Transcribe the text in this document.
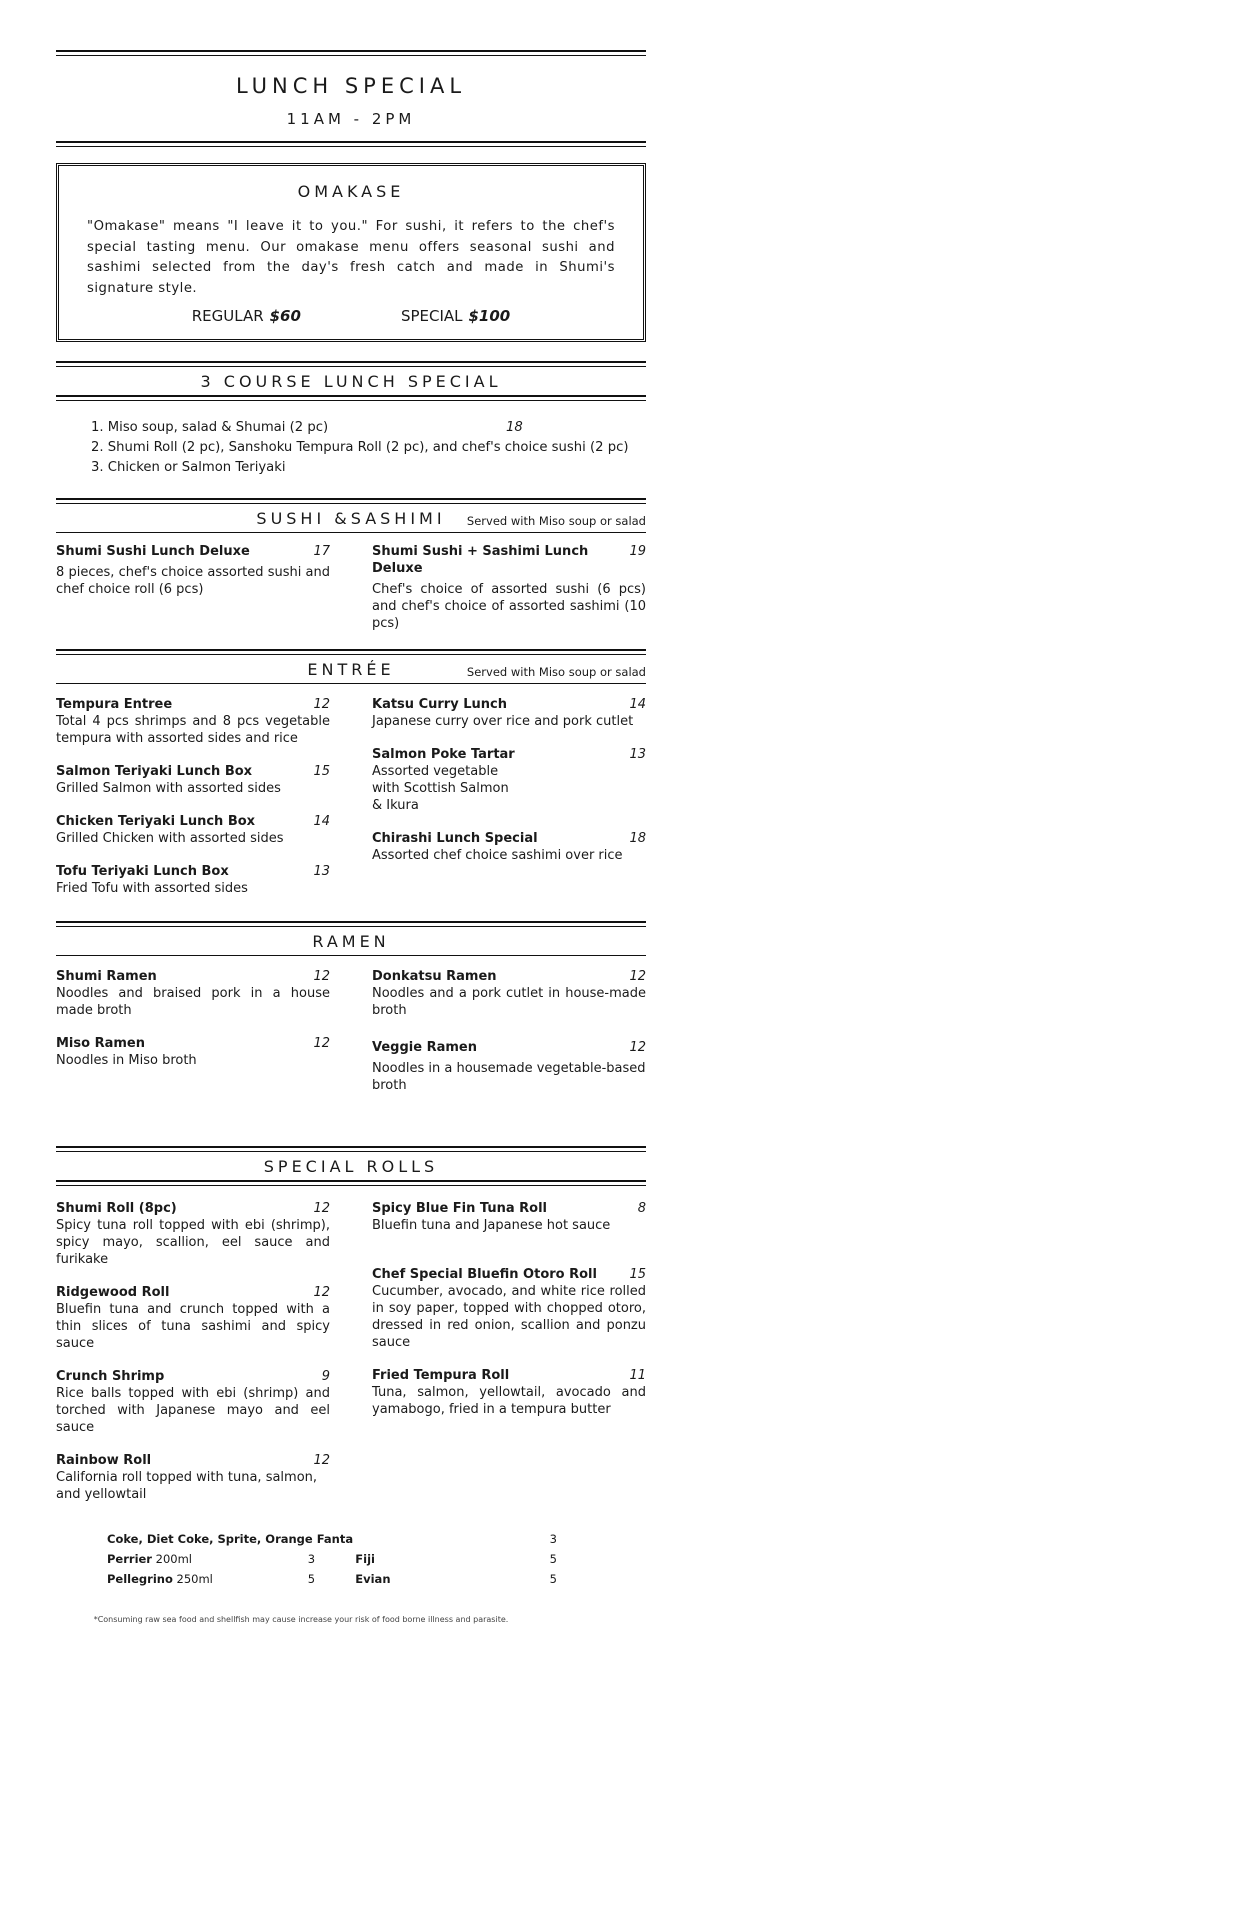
LUNCH SPECIAL
11AM - 2PM
OMAKASE
"Omakase" means "I leave it to you." For sushi, it refers to the chef's special tasting menu. Our omakase menu offers seasonal sushi and sashimi selected from the day's fresh catch and made in Shumi's signature style.
REGULAR $60	SPECIAL $100
3 COURSE LUNCH SPECIAL
1. Miso soup, salad & Shumai (2 pc)	18
2. Shumi Roll (2 pc), Sanshoku Tempura Roll (2 pc), and chef's choice sushi (2 pc)
3. Chicken or Salmon Teriyaki
SUSHI &SASHIMI	Served with Miso soup or salad
Shumi Sushi Lunch Deluxe	17
8 pieces, chef's choice assorted sushi and chef choice roll (6 pcs)
Shumi Sushi + Sashimi Lunch Deluxe
19
Chef's choice of assorted sushi (6 pcs) and chef's choice of assorted sashimi (10 pcs)
ENTRÉE	Served with Miso soup or salad
Tempura Entree	12
Total 4 pcs shrimps and 8 pcs vegetable tempura with assorted sides and rice
Salmon Teriyaki Lunch Box	15
Grilled Salmon with assorted sides
Chicken Teriyaki Lunch Box	14
Grilled Chicken with assorted sides
Tofu Teriyaki Lunch Box	13
Fried Tofu with assorted sides
Katsu Curry Lunch	14
Japanese curry over rice and pork cutlet
Salmon Poke Tartar	13
Assorted vegetable with Scottish Salmon & Ikura
Chirashi Lunch Special	18
Assorted chef choice sashimi over rice
RAMEN
Shumi Ramen	12
Noodles and braised pork in a house made broth
Miso Ramen	12
Noodles in Miso broth
Donkatsu Ramen	12
Noodles and a pork cutlet in house-made broth
Veggie Ramen	12
Noodles in a housemade vegetable-based broth
SPECIAL ROLLS
Shumi Roll (8pc)	12
Spicy tuna roll topped with ebi (shrimp), spicy mayo, scallion, eel sauce and furikake
Ridgewood Roll	12
Bluefin tuna and crunch topped with a thin slices of tuna sashimi and spicy sauce
Crunch Shrimp	9
Rice balls topped with ebi (shrimp) and torched with Japanese mayo and eel sauce
Rainbow Roll	12
California roll topped with tuna, salmon, and yellowtail
Spicy Blue Fin Tuna Roll	8
Bluefin tuna and Japanese hot sauce
Chef Special Bluefin Otoro Roll 15
Cucumber, avocado, and white rice rolled in soy paper, topped with chopped otoro, dressed in red onion, scallion and ponzu sauce
Fried Tempura Roll	11
Tuna, salmon, yellowtail, avocado and yamabogo, fried in a tempura butter
Coke, Diet Coke, Sprite, Orange Fanta	3
Perrier 200ml	3	Fiji	5
Pellegrino 250ml	5	Evian	5
*Consuming raw sea food and shellfish may cause increase your risk of food borne illness and parasite.
